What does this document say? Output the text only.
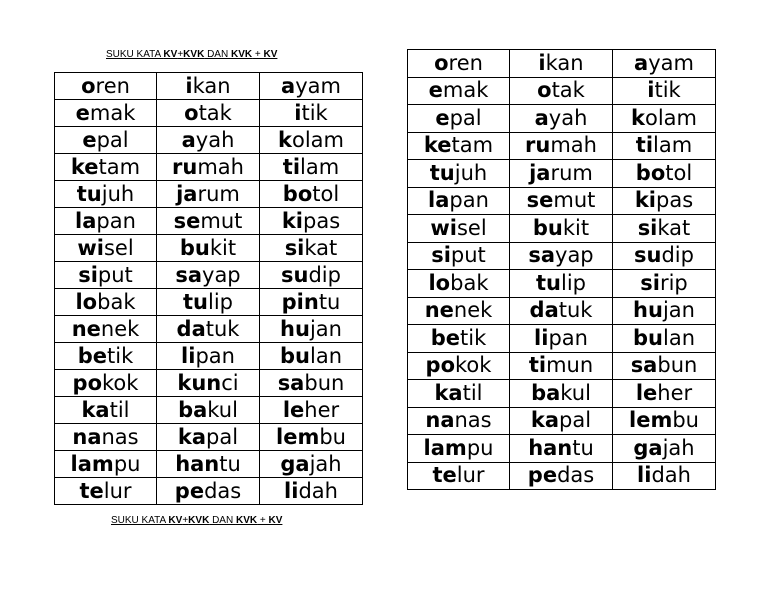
SUKU KATA KV+KVK DAN KVK + KV
oren	ikan	ayam
emak	otak	itik
epal	ayah	kolam
ketam	rumah	tilam
tujuh	jarum	botol
lapan	semut	kipas
wisel	bukit	sikat
siput	sayap	sudip
lobak	tulip	pintu
nenek	datuk	hujan
betik	lipan	bulan
pokok	kunci	sabun
katil	bakul	leher
nanas	kapal	lembu
lampu	hantu	gajah
telur	pedas	lidah
SUKU KATA KV+KVK DAN KVK + KV
oren	ikan	ayam
emak	otak	itik
epal	ayah	kolam
ketam	rumah	tilam
tujuh	jarum	botol
lapan	semut	kipas
wisel	bukit	sikat
siput	sayap	sudip
lobak	tulip	sirip
nenek	datuk	hujan
betik	lipan	bulan
pokok	timun	sabun
katil	bakul	leher
nanas	kapal	lembu
lampu	hantu	gajah
telur	pedas	lidah
